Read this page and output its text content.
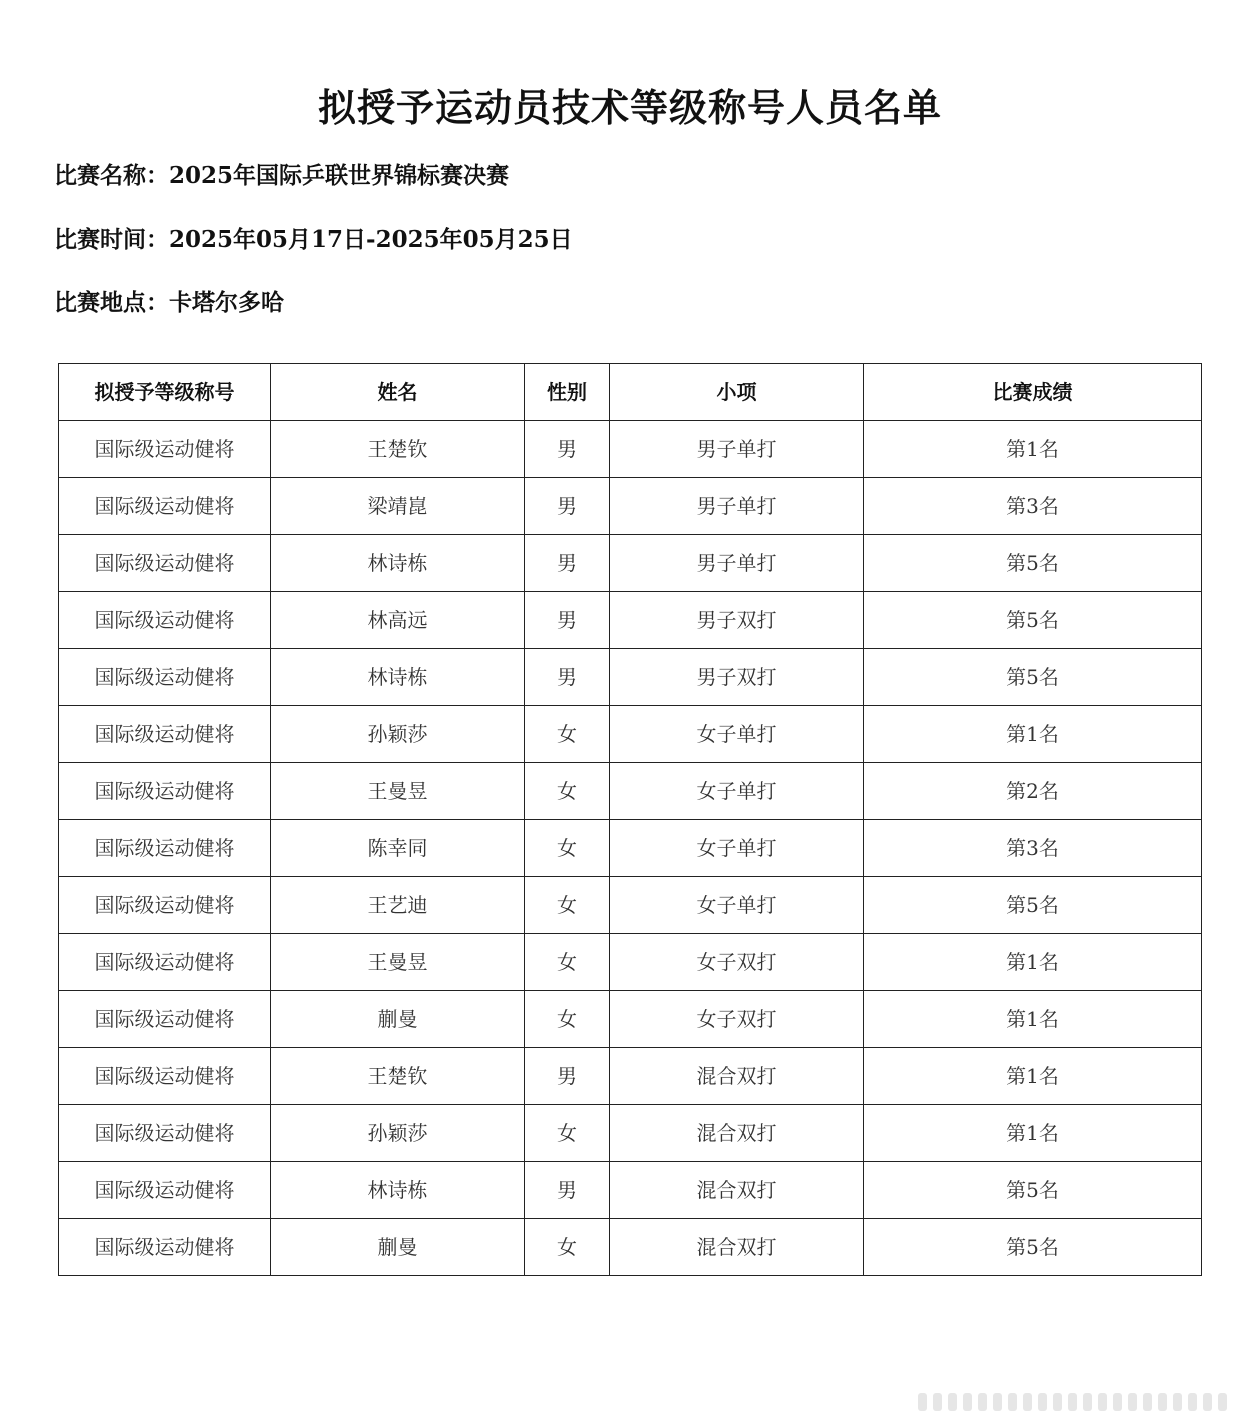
拟授予运动员技术等级称号人员名单
比赛名称：2025年国际乒联世界锦标赛决赛
比赛时间：2025年05月17日-2025年05月25日
比赛地点：卡塔尔多哈
拟授予等级称号	姓名	性别	小项	比赛成绩
国际级运动健将	王楚钦	男	男子单打	第1名
国际级运动健将	梁靖崑	男	男子单打	第3名
国际级运动健将	林诗栋	男	男子单打	第5名
国际级运动健将	林高远	男	男子双打	第5名
国际级运动健将	林诗栋	男	男子双打	第5名
国际级运动健将	孙颖莎	女	女子单打	第1名
国际级运动健将	王曼昱	女	女子单打	第2名
国际级运动健将	陈幸同	女	女子单打	第3名
国际级运动健将	王艺迪	女	女子单打	第5名
国际级运动健将	王曼昱	女	女子双打	第1名
国际级运动健将	蒯曼	女	女子双打	第1名
国际级运动健将	王楚钦	男	混合双打	第1名
国际级运动健将	孙颖莎	女	混合双打	第1名
国际级运动健将	林诗栋	男	混合双打	第5名
国际级运动健将	蒯曼	女	混合双打	第5名
